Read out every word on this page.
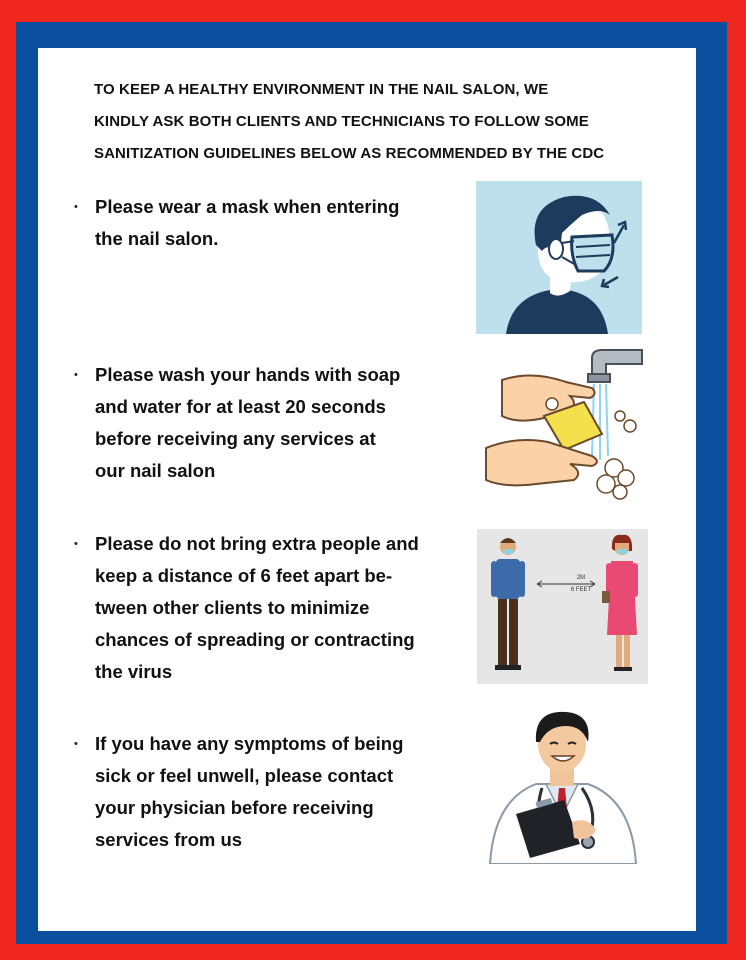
TO KEEP A HEALTHY ENVIRONMENT IN THE NAIL SALON, WE
KINDLY ASK BOTH CLIENTS AND TECHNICIANS TO FOLLOW SOME
SANITIZATION GUIDELINES BELOW AS RECOMMENDED BY THE CDC
• Please wear a mask when entering
the nail salon.
• Please wash your hands with soap
and water for at least 20 seconds
before receiving any services at
our nail salon
• Please do not bring extra people and
keep a distance of 6 feet apart be-
tween other clients to minimize
chances of spreading or contracting
the virus
2M
6 FEET
• If you have any symptoms of being
sick or feel unwell, please contact
your physician before receiving
services from us
